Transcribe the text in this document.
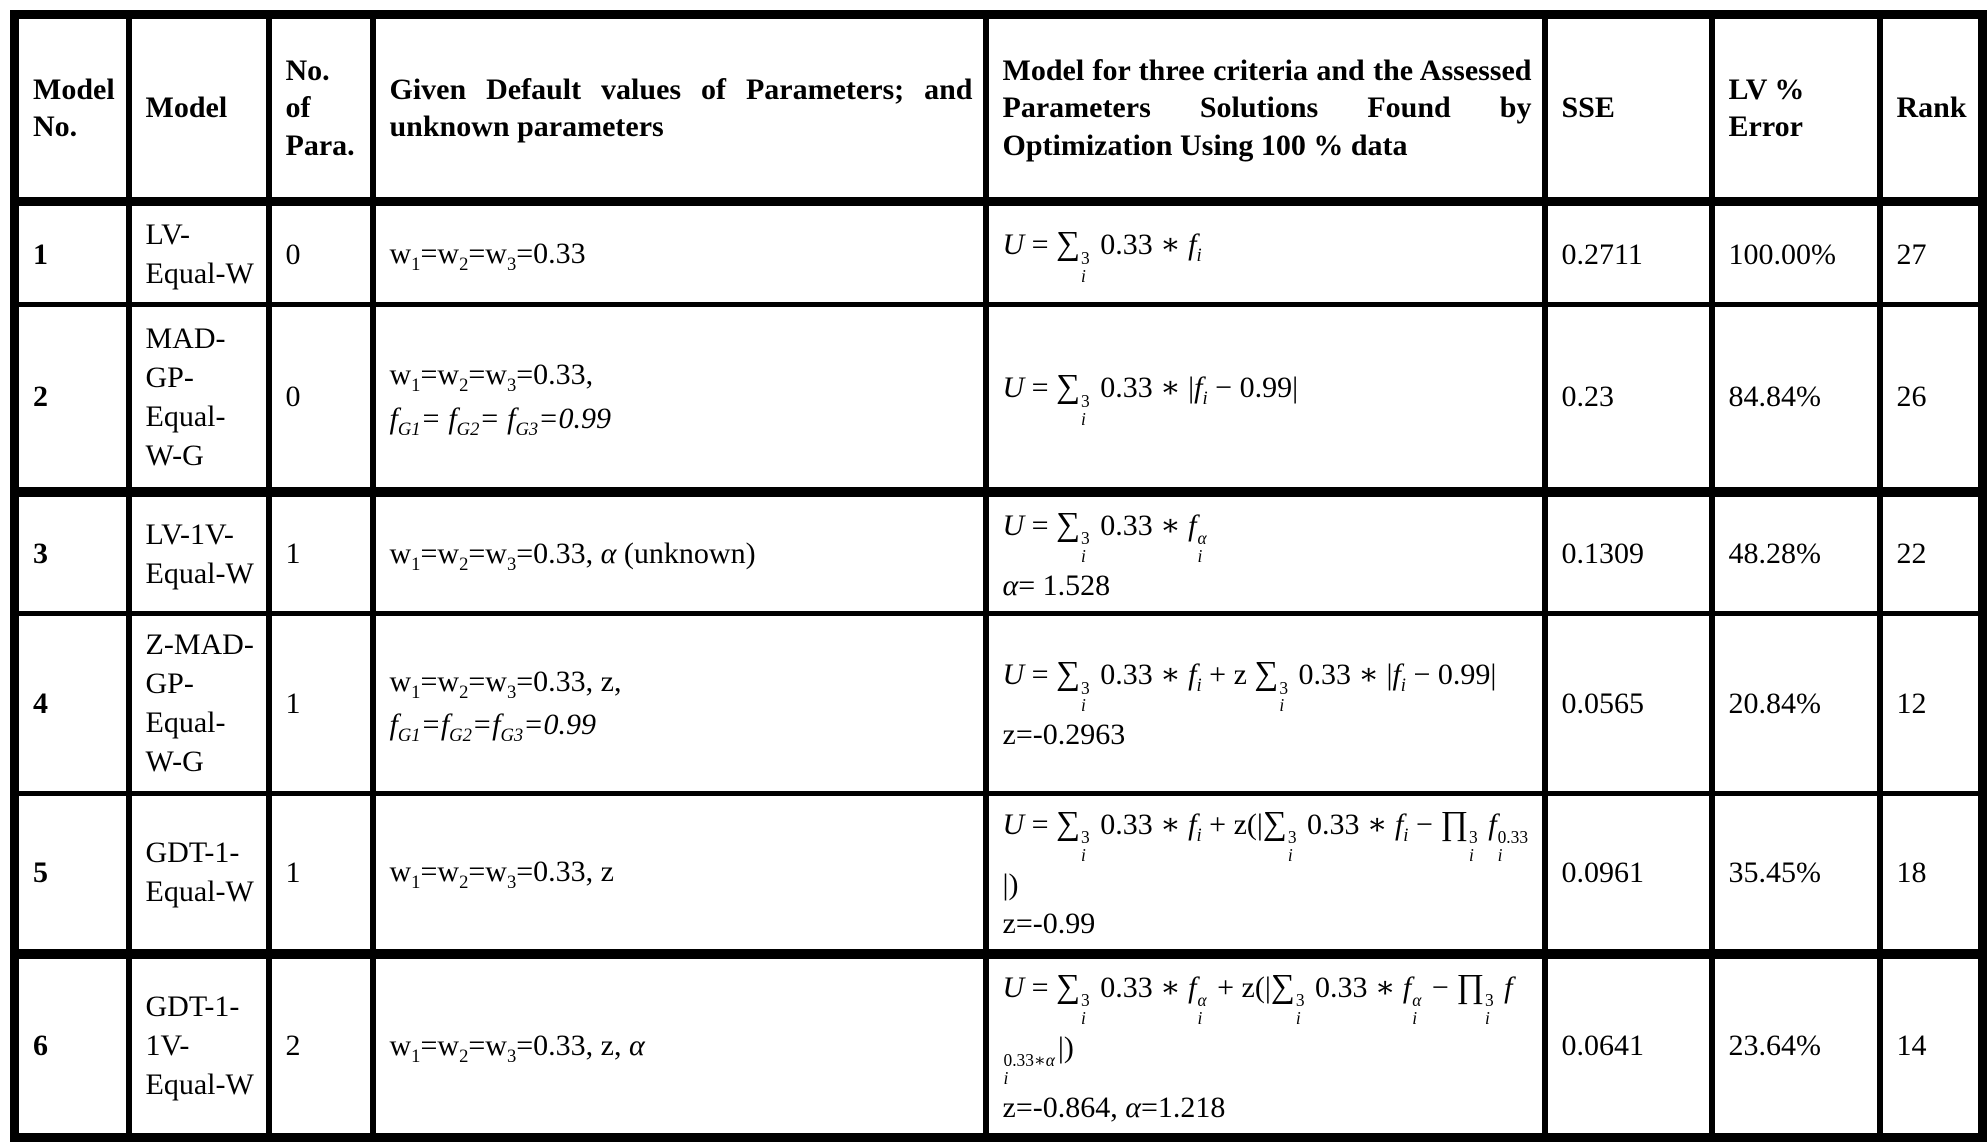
Model No.	Model	No. of Para.	Given Default values of Parameters; and unknown parameters	Model for three criteria and the Assessed Parameters Solutions Found by Optimization Using 100 % data	SSE	LV % Error	Rank
1	LV-Equal-W	0	$w_1=w_2=w_3=0.33$	U = ∑ 3
i
0.33 ∗ $f_i$	0.2711	100.00%	27
2	MAD-GP-Equal-W-G	0	$w_1=w_2=w_3=0.33$,
$f_{G1}= f_{G2}= f_{G3}=0.99$	U = ∑ 3
i
0.33 ∗ $|f_i - 0.99|$	0.23	84.84%	26
3	LV-1V-Equal-W	1	$w_1=w_2=w_3=0.33$, α (unknown)	U = ∑ 3
i
0.33 ∗ f α
i

α= 1.528	0.1309	48.28%	22
4	Z-MAD-GP-Equal-W-G	1	$w_1=w_2=w_3=0.33$, z,
$f_{G1}=f_{G2}=f_{G3}=0.99$	U = ∑ 3
i
0.33 ∗ $f_i + z$ ∑ 3
i
0.33 ∗ $|f_i - 0.99|$
z=-0.2963	0.0565	20.84%	12
5	GDT-1-Equal-W	1	$w_1=w_2=w_3=0.33$, z	U = ∑ 3
i
0.33 ∗ $f_i + z(|\sum$ 3
i
0.33 ∗ $f_i$ − ∏ 3
i
f 0.33
i
|)
z=-0.99	0.0961	35.45%	18
6	GDT-1-1V-Equal-W	2	$w_1=w_2=w_3=0.33$, z, α	U = ∑ 3
i
0.33 ∗ f α
i
+ z(|∑ 3
i
0.33 ∗ f α
i
− ∏ 3
i
f
0.33∗α
i
|)
z=-0.864, α=1.218	0.0641	23.64%	14
